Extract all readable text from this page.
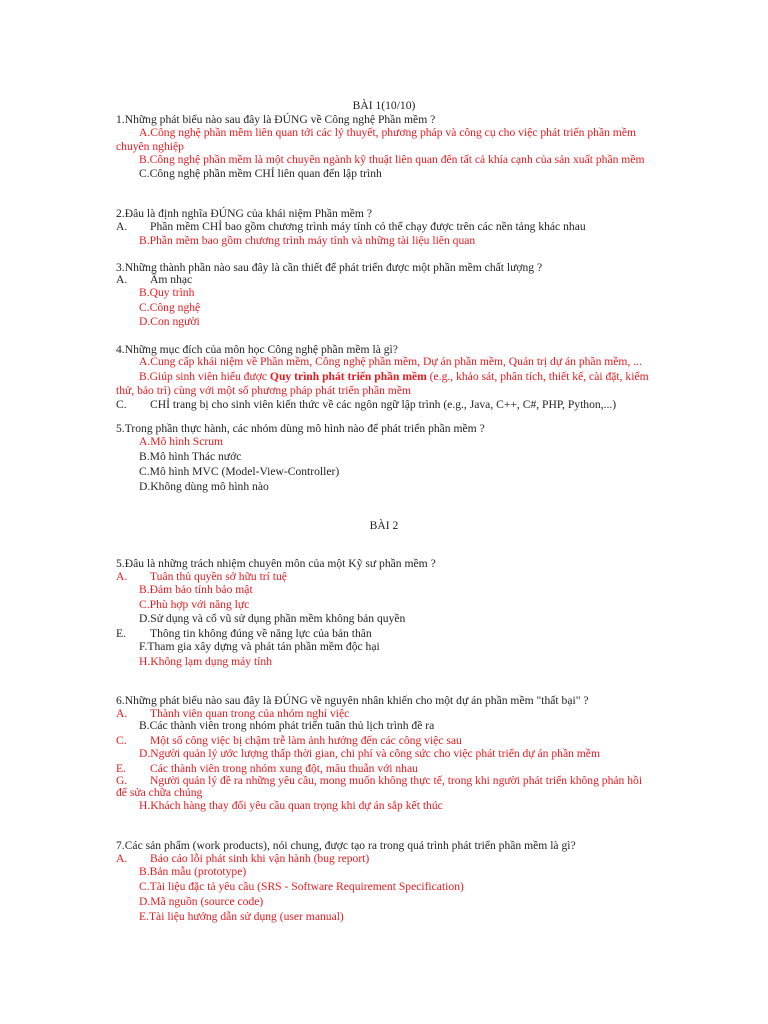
BÀI 1(10/10)
1.Những phát biểu nào sau đây là ĐÚNG về Công nghệ Phần mềm ?
A.Công nghệ phần mềm liên quan tới các lý thuyết, phương pháp và công cụ cho việc phát triển phần mềm
chuyên nghiệp
B.Công nghệ phần mềm là một chuyên ngành kỹ thuật liên quan đến tất cả khía cạnh của sản xuất phần mềm
C.Công nghệ phần mềm CHỈ liên quan đến lập trình
2.Đâu là định nghĩa ĐÚNG của khái niệm Phần mềm ?
A. Phần mềm CHỈ bao gồm chương trình máy tính có thể chạy được trên các nền tảng khác nhau
B.Phần mềm bao gồm chương trình máy tính và những tài liệu liên quan
3.Những thành phần nào sau đây là cần thiết để phát triển được một phần mềm chất lượng ?
A. Âm nhạc
B.Quy trình
C.Công nghệ
D.Con người
4.Những mục đích của môn học Công nghệ phần mềm là gì?
A.Cung cấp khái niệm về Phần mềm, Công nghệ phần mềm, Dự án phần mềm, Quản trị dự án phần mềm, ...
B.Giúp sinh viên hiểu được Quy trình phát triển phần mềm (e.g., khảo sát, phân tích, thiết kế, cài đặt, kiểm
thử, bảo trì) cùng với một số phương pháp phát triển phần mềm
C. CHỈ trang bị cho sinh viên kiến thức về các ngôn ngữ lập trình (e.g., Java, C++, C#, PHP, Python,...)
5.Trong phần thực hành, các nhóm dùng mô hình nào để phát triển phần mềm ?
A.Mô hình Scrum
B.Mô hình Thác nước
C.Mô hình MVC (Model-View-Controller)
D.Không dùng mô hình nào
BÀI 2
5.Đâu là những trách nhiệm chuyên môn của một Kỹ sư phần mềm ?
A. Tuân thủ quyền sở hữu trí tuệ
B.Đảm bảo tính bảo mật
C.Phù hợp với năng lực
D.Sử dụng và cổ vũ sử dụng phần mềm không bản quyền
E. Thông tin không đúng về năng lực của bản thân
F.Tham gia xây dựng và phát tán phần mềm độc hại
H.Không lạm dụng máy tính
6.Những phát biểu nào sau đây là ĐÚNG về nguyên nhân khiến cho một dự án phần mềm "thất bại" ?
A. Thành viên quan trong của nhóm nghỉ việc
B.Các thành viên trong nhóm phát triển tuân thủ lịch trình đề ra
C. Một số công việc bị chậm trễ làm ảnh hưởng đến các công việc sau
D.Người quản lý ước lượng thấp thời gian, chi phí và công sức cho việc phát triển dự án phần mềm
E. Các thành viên trong nhóm xung đột, mâu thuẫn với nhau
G. Người quản lý đề ra những yêu cầu, mong muốn không thực tế, trong khi người phát triển không phản hồi
để sửa chữa chúng
H.Khách hàng thay đổi yêu cầu quan trọng khi dự án sắp kết thúc
7.Các sản phẩm (work products), nói chung, được tạo ra trong quá trình phát triển phần mềm là gì?
A. Báo cáo lỗi phát sinh khi vận hành (bug report)
B.Bản mẫu (prototype)
C.Tài liệu đặc tả yêu cầu (SRS - Software Requirement Specification)
D.Mã nguồn (source code)
E.Tài liệu hướng dẫn sử dụng (user manual)
